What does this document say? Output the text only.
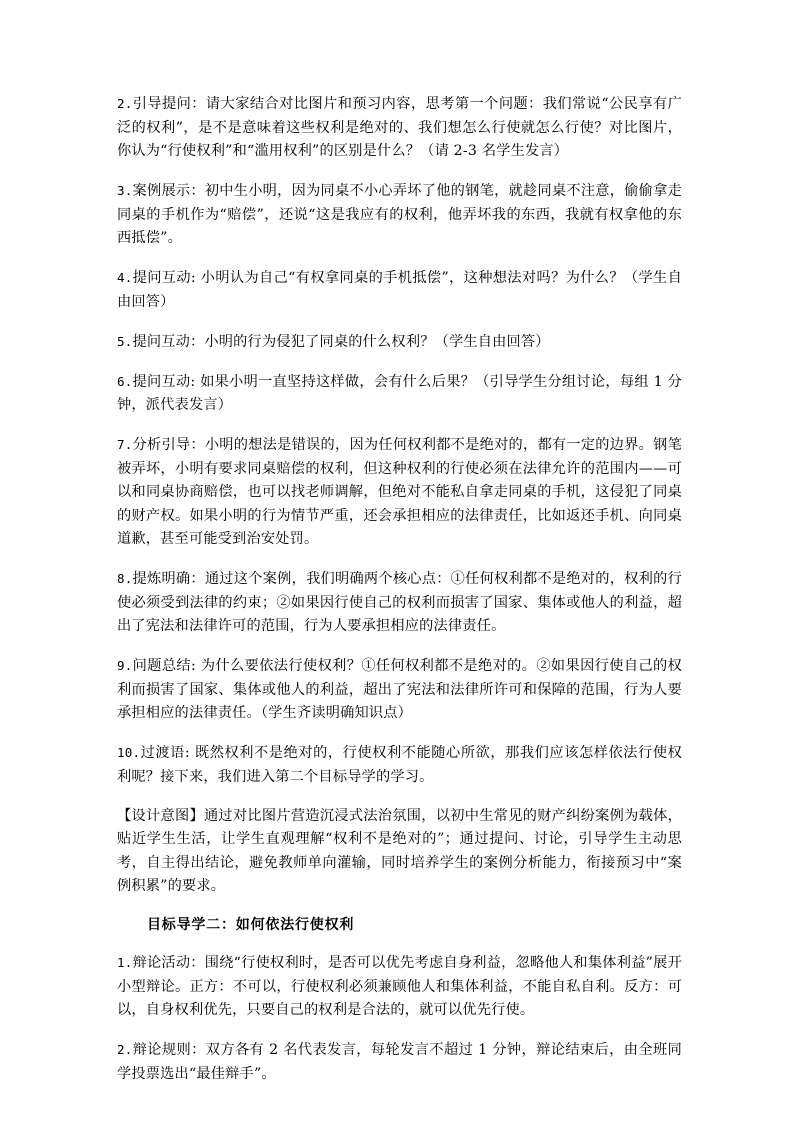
2.引导提问：请大家结合对比图片和预习内容，思考第一个问题：我们常说“公民享有广泛的权利”，是不是意味着这些权利是绝对的、我们想怎么行使就怎么行使？对比图片，你认为“行使权利”和“滥用权利”的区别是什么？（请 2-3 名学生发言）

3.案例展示：初中生小明，因为同桌不小心弄坏了他的钢笔，就趁同桌不注意，偷偷拿走同桌的手机作为“赔偿”，还说“这是我应有的权利，他弄坏我的东西，我就有权拿他的东西抵偿”。

4.提问互动: 小明认为自己“有权拿同桌的手机抵偿”，这种想法对吗？为什么？（学生自由回答）

5.提问互动：小明的行为侵犯了同桌的什么权利？（学生自由回答）

6.提问互动: 如果小明一直坚持这样做，会有什么后果？（引导学生分组讨论，每组 1 分钟，派代表发言）

7.分析引导：小明的想法是错误的，因为任何权利都不是绝对的，都有一定的边界。钢笔被弄坏，小明有要求同桌赔偿的权利，但这种权利的行使必须在法律允许的范围内——可以和同桌协商赔偿，也可以找老师调解，但绝对不能私自拿走同桌的手机，这侵犯了同桌的财产权。如果小明的行为情节严重，还会承担相应的法律责任，比如返还手机、向同桌道歉，甚至可能受到治安处罚。

8.提炼明确：通过这个案例，我们明确两个核心点：①任何权利都不是绝对的，权利的行使必须受到法律的约束；②如果因行使自己的权利而损害了国家、集体或他人的利益，超出了宪法和法律许可的范围，行为人要承担相应的法律责任。

9.问题总结: 为什么要依法行使权利？①任何权利都不是绝对的。②如果因行使自己的权利而损害了国家、集体或他人的利益，超出了宪法和法律所许可和保障的范围，行为人要承担相应的法律责任。（学生齐读明确知识点）

10.过渡语: 既然权利不是绝对的，行使权利不能随心所欲，那我们应该怎样依法行使权利呢？接下来，我们进入第二个目标导学的学习。

【设计意图】通过对比图片营造沉浸式法治氛围，以初中生常见的财产纠纷案例为载体，贴近学生生活，让学生直观理解“权利不是绝对的”；通过提问、讨论，引导学生主动思考，自主得出结论，避免教师单向灌输，同时培养学生的案例分析能力，衔接预习中“案例积累”的要求。

目标导学二：如何依法行使权利

1.辩论活动：围绕“行使权利时，是否可以优先考虑自身利益，忽略他人和集体利益”展开小型辩论。正方：不可以，行使权利必须兼顾他人和集体利益，不能自私自利。反方：可以，自身权利优先，只要自己的权利是合法的，就可以优先行使。

2.辩论规则：双方各有 2 名代表发言，每轮发言不超过 1 分钟，辩论结束后，由全班同学投票选出“最佳辩手”。
